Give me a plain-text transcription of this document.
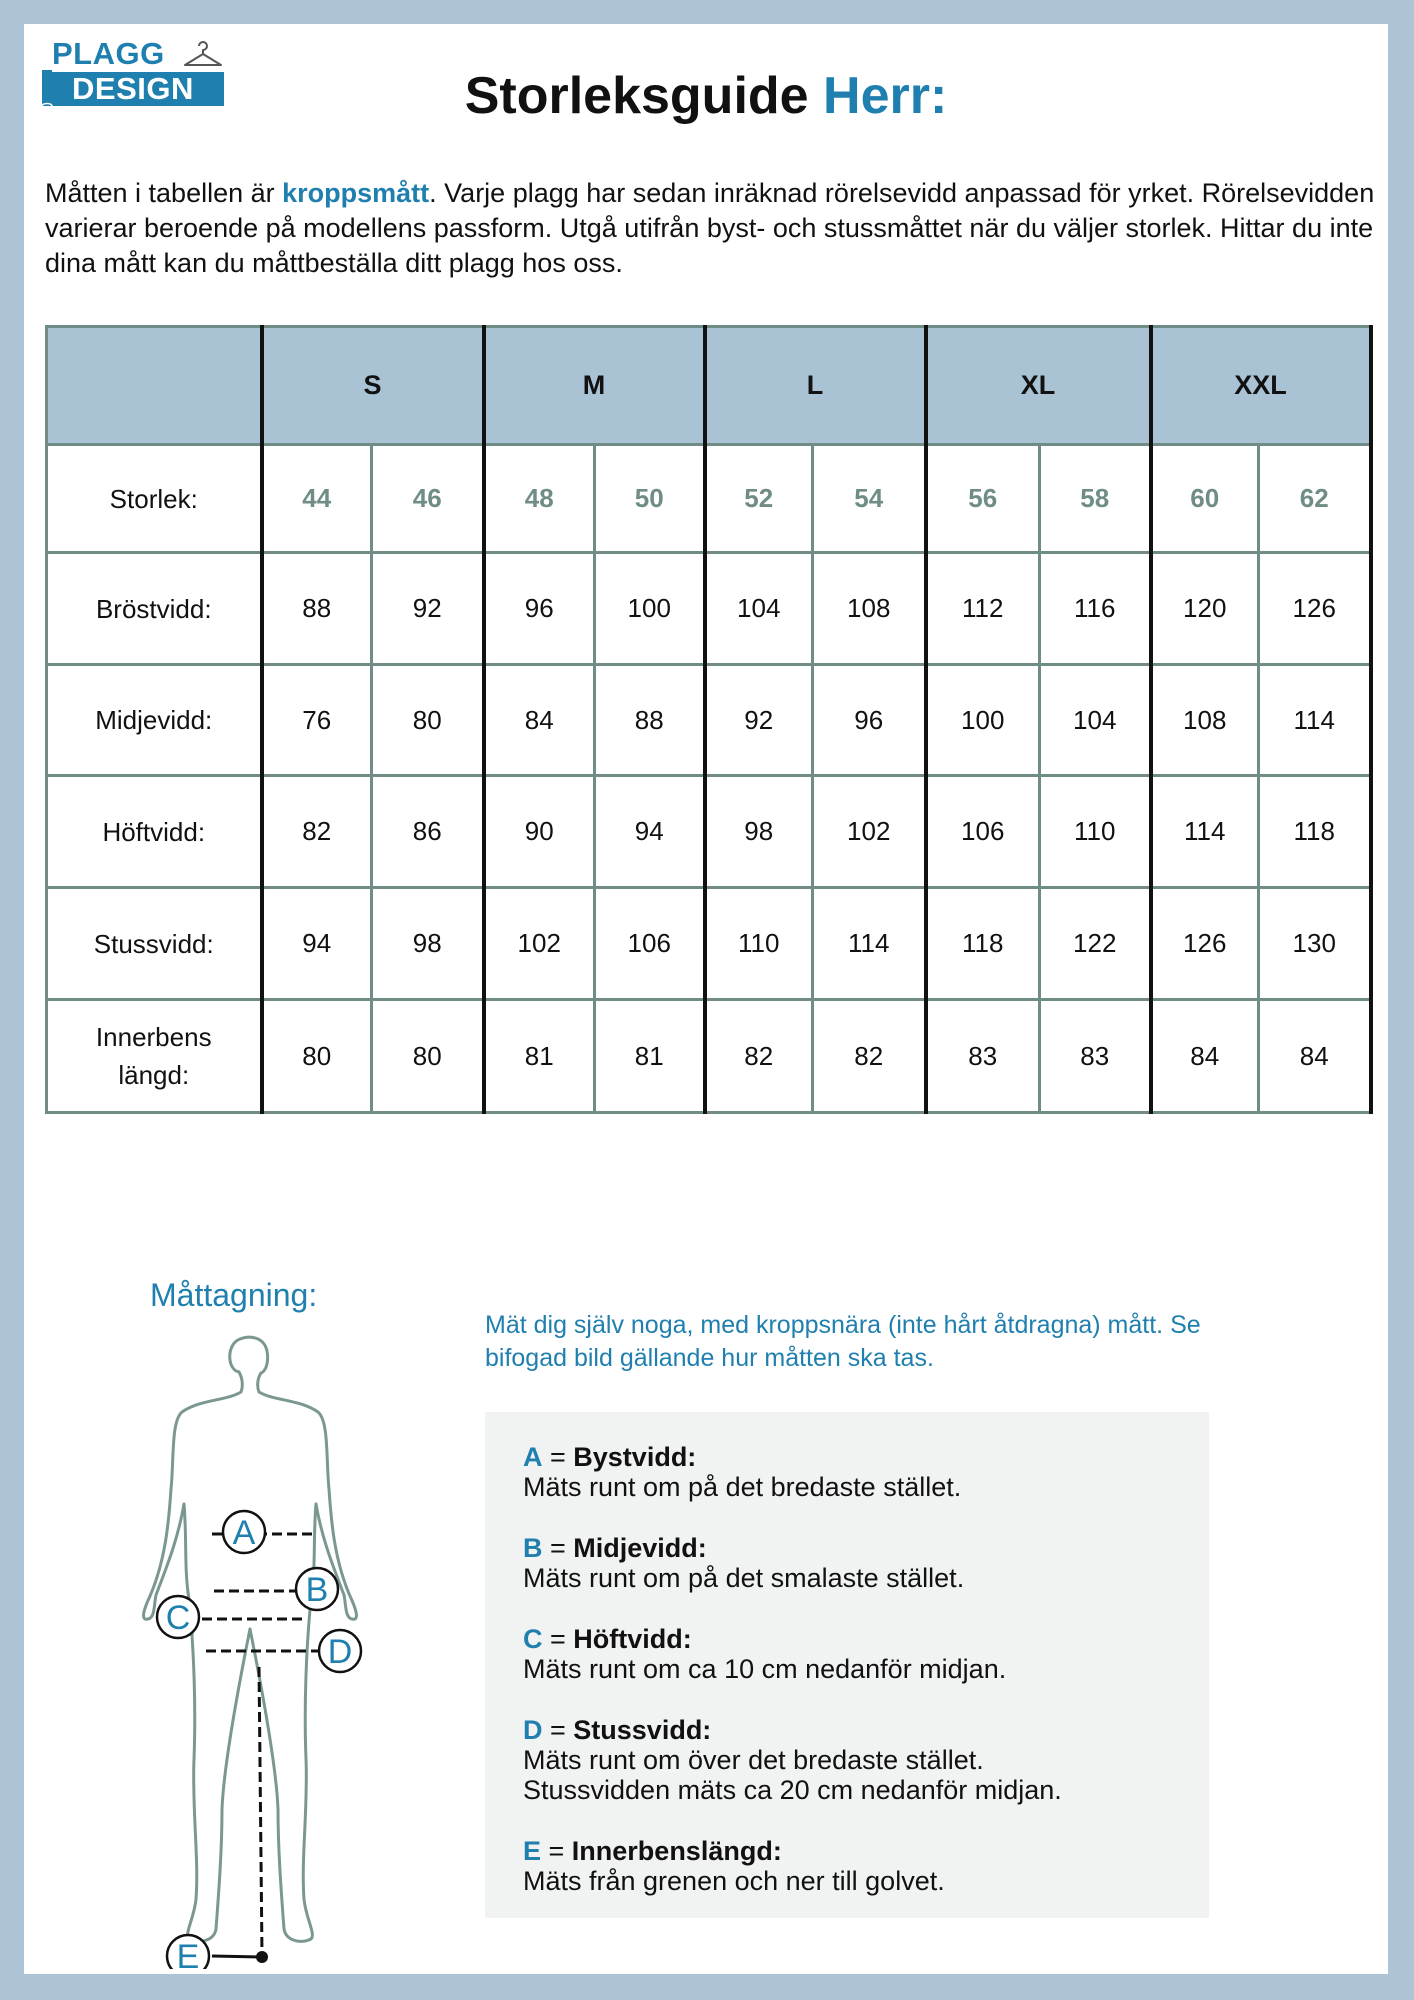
PLAGG
DESIGN	Storleksguide Herr:

Måtten i tabellen är kroppsmått. Varje plagg har sedan inräknad rörelsevidd anpassad för yrket. Rörelsevidden varierar beroende på modellens passform. Utgå utifrån byst- och stussmåttet när du väljer storlek. Hittar du inte dina mått kan du måttbeställa ditt plagg hos oss.

	S		M		L		XL		XXL	
Storlek:	44	46	48	50	52	54	56	58	60	62
Bröstvidd:	88	92	96	100	104	108	112	116	120	126
Midjevidd:	76	80	84	88	92	96	100	104	108	114
Höftvidd:	82	86	90	94	98	102	106	110	114	118
Stussvidd:	94	98	102	106	110	114	118	122	126	130
Innerbens längd:	80	80	81	81	82	82	83	83	84	84
Måttagning:
A
B
C
D
E

Mät dig själv noga, med kroppsnära (inte hårt åtdragna) mått. Se bifogad bild gällande hur måtten ska tas.

A = Bystvidd:
Mäts runt om på det bredaste stället.
B = Midjevidd:
Mäts runt om på det smalaste stället.
C = Höftvidd:
Mäts runt om ca 10 cm nedanför midjan.
D = Stussvidd:
Mäts runt om över det bredaste stället.
Stussvidden mäts ca 20 cm nedanför midjan.
E = Innerbenslängd:
Mäts från grenen och ner till golvet.
